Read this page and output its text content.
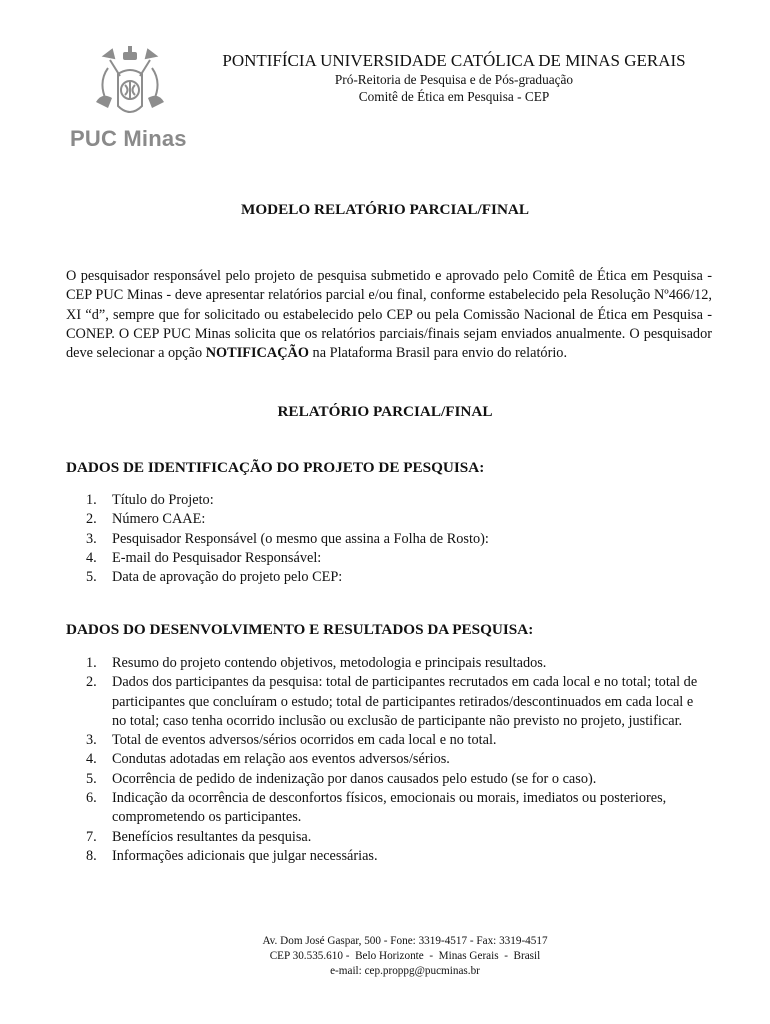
PUC Minas
PONTIFÍCIA UNIVERSIDADE CATÓLICA DE MINAS GERAIS
Pró-Reitoria de Pesquisa e de Pós-graduação
Comitê de Ética em Pesquisa - CEP
MODELO RELATÓRIO PARCIAL/FINAL

O pesquisador responsável pelo projeto de pesquisa submetido e aprovado pelo Comitê de Ética em Pesquisa - CEP PUC Minas - deve apresentar relatórios parcial e/ou final, conforme estabelecido pela Resolução Nº466/12, XI “d”, sempre que for solicitado ou estabelecido pelo CEP ou pela Comissão Nacional de Ética em Pesquisa - CONEP. O CEP PUC Minas solicita que os relatórios parciais/finais sejam enviados anualmente. O pesquisador deve selecionar a opção NOTIFICAÇÃO na Plataforma Brasil para envio do relatório.

RELATÓRIO PARCIAL/FINAL
DADOS DE IDENTIFICAÇÃO DO PROJETO DE PESQUISA:
1. Título do Projeto:
2. Número CAAE:
3. Pesquisador Responsável (o mesmo que assina a Folha de Rosto):
4. E-mail do Pesquisador Responsável:
5. Data de aprovação do projeto pelo CEP:
DADOS DO DESENVOLVIMENTO E RESULTADOS DA PESQUISA:
1. Resumo do projeto contendo objetivos, metodologia e principais resultados.
2. Dados dos participantes da pesquisa: total de participantes recrutados em cada local e no total; total de participantes que concluíram o estudo; total de participantes retirados/descontinuados em cada local e no total; caso tenha ocorrido inclusão ou exclusão de participante não previsto no projeto, justificar.
3. Total de eventos adversos/sérios ocorridos em cada local e no total.
4. Condutas adotadas em relação aos eventos adversos/sérios.
5. Ocorrência de pedido de indenização por danos causados pelo estudo (se for o caso).
6. Indicação da ocorrência de desconfortos físicos, emocionais ou morais, imediatos ou posteriores, comprometendo os participantes.
7. Benefícios resultantes da pesquisa.
8. Informações adicionais que julgar necessárias.
Av. Dom José Gaspar, 500 - Fone: 3319-4517 - Fax: 3319-4517
CEP 30.535.610 -  Belo Horizonte  -  Minas Gerais  -  Brasil
e-mail: cep.proppg@pucminas.br
